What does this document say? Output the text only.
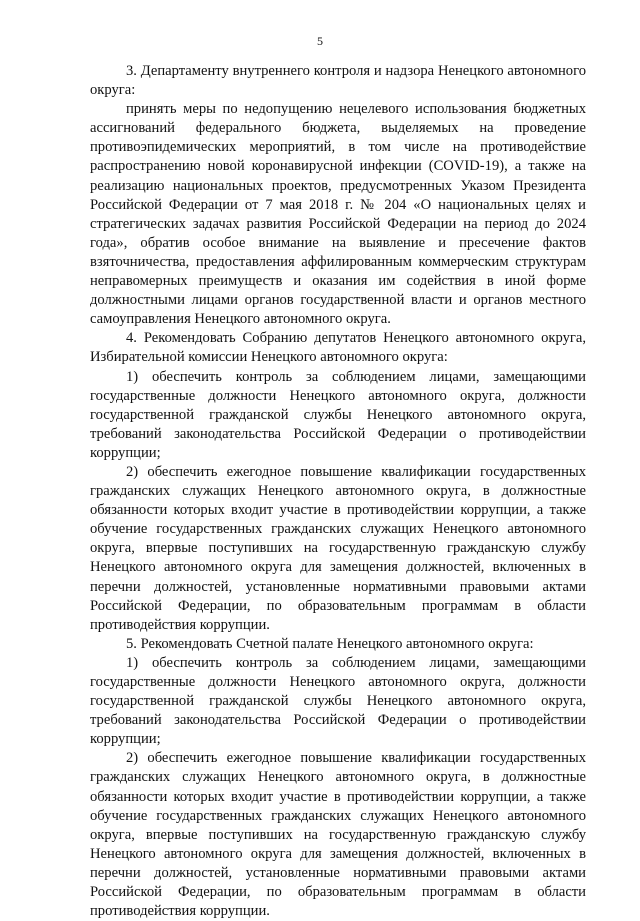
5

3. Департаменту внутреннего контроля и надзора Ненецкого автономного округа:

принять меры по недопущению нецелевого использования бюджетных ассигнований федерального бюджета, выделяемых на проведение противоэпидемических мероприятий, в том числе на противодействие распространению новой коронавирусной инфекции (COVID-19), а также на реализацию национальных проектов, предусмотренных Указом Президента Российской Федерации от 7 мая 2018 г. № 204 «О национальных целях и стратегических задачах развития Российской Федерации на период до 2024 года», обратив особое внимание на выявление и пресечение фактов взяточничества, предоставления аффилированным коммерческим структурам неправомерных преимуществ и оказания им содействия в иной форме должностными лицами органов государственной власти и органов местного самоуправления Ненецкого автономного округа.

4. Рекомендовать Собранию депутатов Ненецкого автономного округа, Избирательной комиссии Ненецкого автономного округа:

1) обеспечить контроль за соблюдением лицами, замещающими государственные должности Ненецкого автономного округа, должности государственной гражданской службы Ненецкого автономного округа, требований законодательства Российской Федерации о противодействии коррупции;

2) обеспечить ежегодное повышение квалификации государственных гражданских служащих Ненецкого автономного округа, в должностные обязанности которых входит участие в противодействии коррупции, а также обучение государственных гражданских служащих Ненецкого автономного округа, впервые поступивших на государственную гражданскую службу Ненецкого автономного округа для замещения должностей, включенных в перечни должностей, установленные нормативными правовыми актами Российской Федерации, по образовательным программам в области противодействия коррупции.

5. Рекомендовать Счетной палате Ненецкого автономного округа:

1) обеспечить контроль за соблюдением лицами, замещающими государственные должности Ненецкого автономного округа, должности государственной гражданской службы Ненецкого автономного округа, требований законодательства Российской Федерации о противодействии коррупции;

2) обеспечить ежегодное повышение квалификации государственных гражданских служащих Ненецкого автономного округа, в должностные обязанности которых входит участие в противодействии коррупции, а также обучение государственных гражданских служащих Ненецкого автономного округа, впервые поступивших на государственную гражданскую службу Ненецкого автономного округа для замещения должностей, включенных в перечни должностей, установленные нормативными правовыми актами Российской Федерации, по образовательным программам в области противодействия коррупции.
